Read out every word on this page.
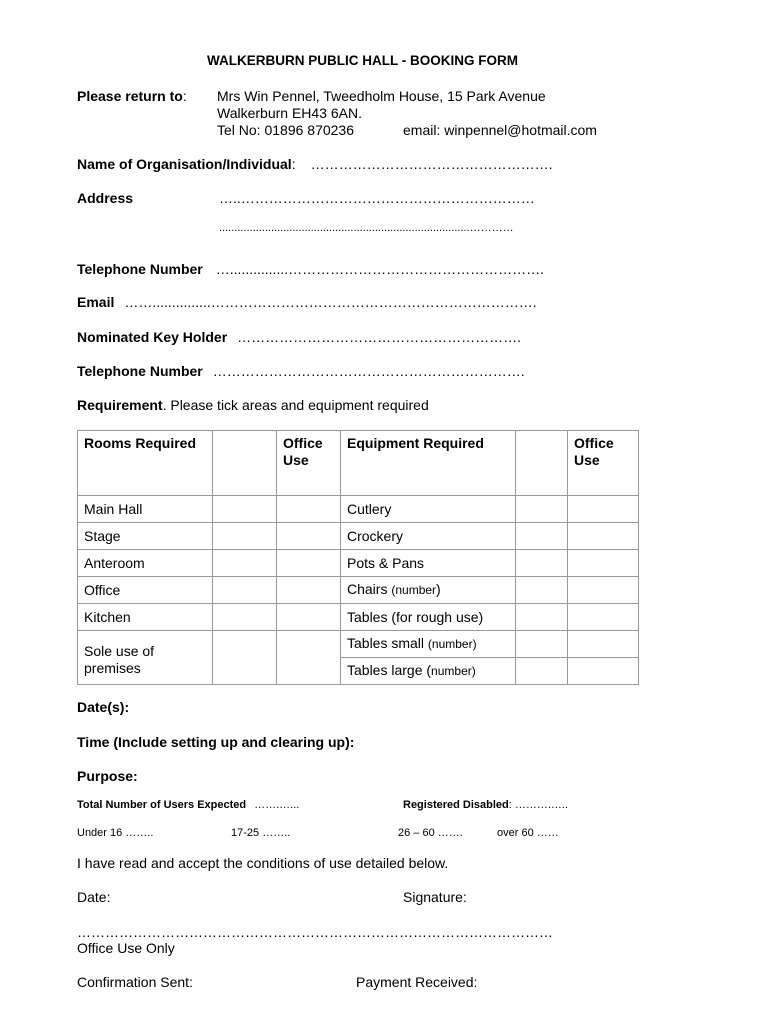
WALKERBURN PUBLIC HALL - BOOKING FORM
Please return to: Mrs Win Pennel, Tweedholm House, 15 Park Avenue
Walkerburn EH43 6AN.
Tel No: 01896 870236	email: winpennel@hotmail.com
Name of Organisation/Individual: …………………………………………….
Address	…..………………………………………………………
..................................................................................…………
Telephone Number …...............……………………………………………….
Email ……...............…………………………………………………………….
Nominated Key Holder …………………………………………………….
Telephone Number ………………………………………………………….
Requirement. Please tick areas and equipment required
Rooms Required		Office Use	Equipment Required		Office Use
Main Hall			Cutlery		
Stage			Crockery		
Anteroom			Pots & Pans		
Office			Chairs (number)		
Kitchen			Tables (for rough use)		
Sole use of premises			Tables small (number)		
			Tables large (number)		
Date(s):
Time (Include setting up and clearing up):
Purpose:
Total Number of Users Expected …….…...	Registered Disabled: ……….…..
Under 16 ……..	17-25 ……..	26 – 60 …….	over 60 ……
I have read and accept the conditions of use detailed below.
Date:	Signature:
…………………………………………………………………………………………
Office Use Only
Confirmation Sent:	Payment Received:
